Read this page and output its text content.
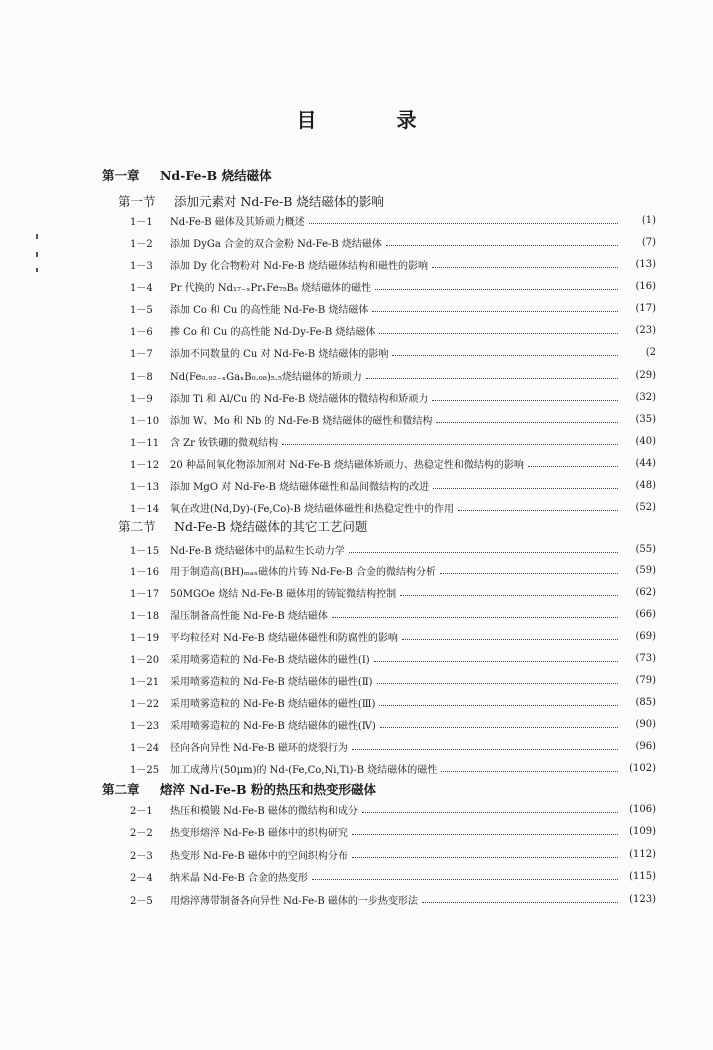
目　录
第一章 Nd-Fe-B 烧结磁体
第一节 添加元素对 Nd-Fe-B 烧结磁体的影响
1－1	Nd-Fe-B 磁体及其矫顽力概述	(1)
1－2	添加 DyGa 合金的双合金粉 Nd-Fe-B 烧结磁体	(7)
1－3	添加 Dy 化合物粉对 Nd-Fe-B 烧结磁体结构和磁性的影响	(13)
1－4	Pr 代换的 Nd₁₇₋ₓPrₓFe₇₅B₈ 烧结磁体的磁性	(16)
1－5	添加 Co 和 Cu 的高性能 Nd-Fe-B 烧结磁体	(17)
1－6	掺 Co 和 Cu 的高性能 Nd-Dy-Fe-B 烧结磁体	(23)
1－7	添加不同数量的 Cu 对 Nd-Fe-B 烧结磁体的影响	(2
1－8	Nd(Fe₀.₉₂₋ₓGaₓB₀.₀₈)₅.₅烧结磁体的矫顽力	(29)
1－9	添加 Ti 和 Al/Cu 的 Nd-Fe-B 烧结磁体的微结构和矫顽力	(32)
1－10	添加 W、Mo 和 Nb 的 Nd-Fe-B 烧结磁体的磁性和微结构	(35)
1－11	含 Zr 钕铁硼的微观结构	(40)
1－12	20 种晶间氧化物添加剂对 Nd-Fe-B 烧结磁体矫顽力、热稳定性和微结构的影响	(44)
1－13	添加 MgO 对 Nd-Fe-B 烧结磁体磁性和晶间微结构的改进	(48)
1－14	氧在改进(Nd,Dy)-(Fe,Co)-B 烧结磁体磁性和热稳定性中的作用	(52)
第二节 Nd-Fe-B 烧结磁体的其它工艺问题
1－15	Nd-Fe-B 烧结磁体中的晶粒生长动力学	(55)
1－16	用于制造高(BH)ₘₐₓ磁体的片铸 Nd-Fe-B 合金的微结构分析	(59)
1－17	50MGOe 烧结 Nd-Fe-B 磁体用的铸锭微结构控制	(62)
1－18	湿压制备高性能 Nd-Fe-B 烧结磁体	(66)
1－19	平均粒径对 Nd-Fe-B 烧结磁体磁性和防腐性的影响	(69)
1－20	采用喷雾造粒的 Nd-Fe-B 烧结磁体的磁性(Ⅰ)	(73)
1－21	采用喷雾造粒的 Nd-Fe-B 烧结磁体的磁性(Ⅱ)	(79)
1－22	采用喷雾造粒的 Nd-Fe-B 烧结磁体的磁性(Ⅲ)	(85)
1－23	采用喷雾造粒的 Nd-Fe-B 烧结磁体的磁性(Ⅳ)	(90)
1－24	径向各向异性 Nd-Fe-B 磁环的烧裂行为	(96)
1－25	加工成薄片(50μm)的 Nd-(Fe,Co,Ni,Ti)-B 烧结磁体的磁性	(102)
第二章 熔淬 Nd-Fe-B 粉的热压和热变形磁体
2－1	热压和模锻 Nd-Fe-B 磁体的微结构和成分	(106)
2－2	热变形熔淬 Nd-Fe-B 磁体中的织构研究	(109)
2－3	热变形 Nd-Fe-B 磁体中的空间织构分布	(112)
2－4	纳米晶 Nd-Fe-B 合金的热变形	(115)
2－5	用熔淬薄带制备各向异性 Nd-Fe-B 磁体的一步热变形法	(123)
